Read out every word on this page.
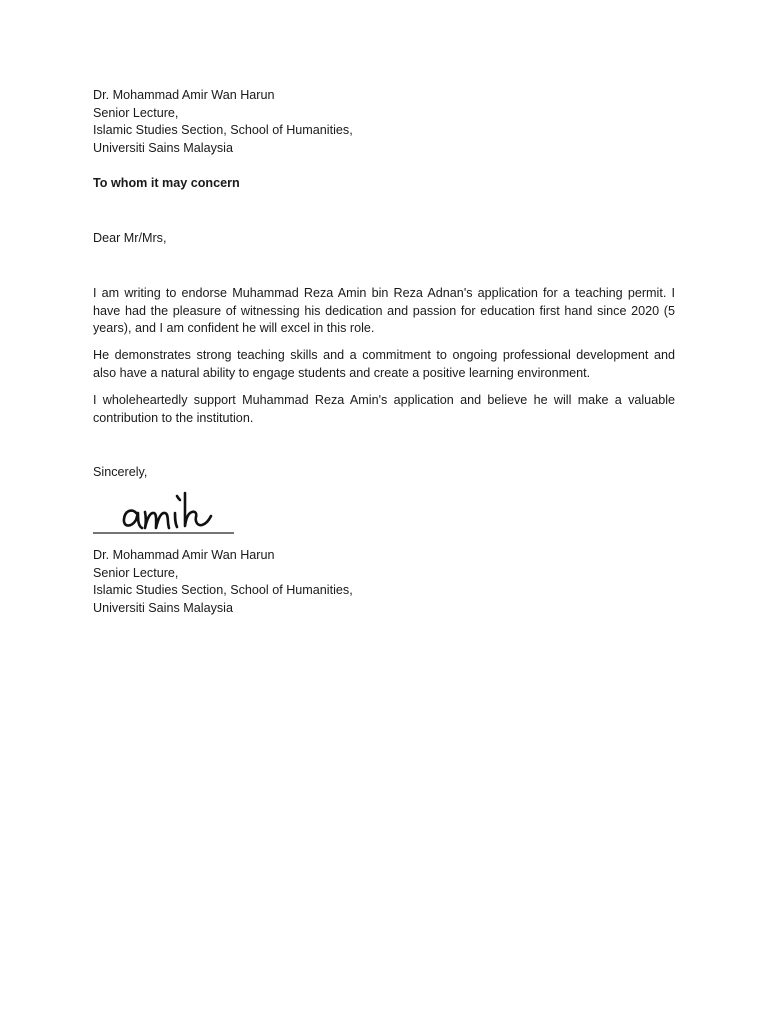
Dr. Mohammad Amir Wan Harun
Senior Lecture,
Islamic Studies Section, School of Humanities,
Universiti Sains Malaysia
To whom it may concern
Dear Mr/Mrs,
I am writing to endorse Muhammad Reza Amin bin Reza Adnan's application for a teaching permit. I have had the pleasure of witnessing his dedication and passion for education first hand since 2020 (5 years), and I am confident he will excel in this role.
He demonstrates strong teaching skills and a commitment to ongoing professional development and also have a natural ability to engage students and create a positive learning environment.
I wholeheartedly support Muhammad Reza Amin's application and believe he will make a valuable contribution to the institution.
Sincerely,
Dr. Mohammad Amir Wan Harun
Senior Lecture,
Islamic Studies Section, School of Humanities,
Universiti Sains Malaysia
